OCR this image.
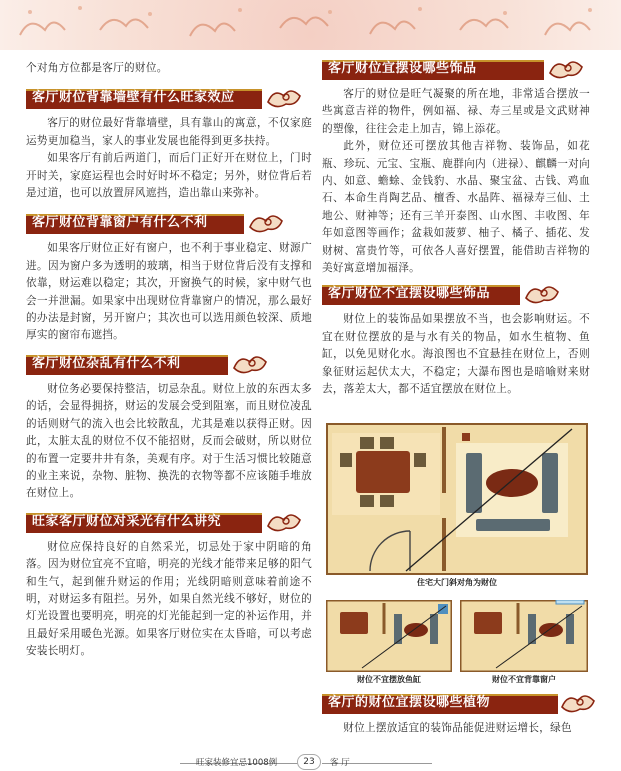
个对角方位都是客厅的财位。

客厅财位背靠墙壁有什么旺家效应

客厅的财位最好背靠墙壁，具有靠山的寓意，不仅家庭运势更加稳当，家人的事业发展也能得到更多扶持。

如果客厅有前后两道门，而后门正好开在财位上，门时开时关，家庭运程也会时好时坏不稳定；另外，财位背后若是过道，也可以放置屏风遮挡，造出靠山来弥补。

客厅财位背靠窗户有什么不利

如果客厅财位正好有窗户，也不利于事业稳定、财源广进。因为窗户多为透明的玻璃，相当于财位背后没有支撑和依靠，财运难以稳定；其次，开窗换气的时候，家中财气也会一并泄漏。如果家中出现财位背靠窗户的情况，那么最好的办法是封窗，另开窗户；其次也可以选用颜色较深、质地厚实的窗帘布遮挡。

客厅财位杂乱有什么不利

财位务必要保持整洁，切忌杂乱。财位上放的东西太多的话，会显得拥挤，财运的发展会受到阻塞，而且财位凌乱的话则财气的流入也会比较散乱，尤其是难以获得正财。因此，太脏太乱的财位不仅不能招财，反而会破财，所以财位的布置一定要井井有条，美观有序。对于生活习惯比较随意的业主来说，杂物、脏物、换洗的衣物等都不应该随手堆放在财位上。

旺家客厅财位对采光有什么讲究

财位应保持良好的自然采光，切忌处于家中阴暗的角落。因为财位宜亮不宜暗，明亮的光线才能带来足够的阳气和生气，起到催升财运的作用；光线阴暗则意味着前途不明，对财运多有阻拦。另外，如果自然光线不够好，财位的灯光设置也要明亮，明亮的灯光能起到一定的补运作用，并且最好采用暖色光源。如果客厅财位实在太昏暗，可以考虑安装长明灯。

客厅财位宜摆设哪些饰品

客厅的财位是旺气凝聚的所在地，非常适合摆放一些寓意吉祥的物件，例如福、禄、寿三星或是文武财神的塑像，往往会走上加吉，锦上添花。

此外，财位还可摆放其他吉祥物、装饰品，如花瓶、珍玩、元宝、宝瓶、鹿群向内（进禄）、麒麟一对向内、如意、蟾蜍、金钱豹、水晶、聚宝盆、古钱、鸡血石、本命生肖陶艺品、檀香、水晶阵、福禄寿三仙、土地公、财神等；还有三羊开泰图、山水图、丰收图、年年如意图等画作；盆栽如菠萝、柚子、橘子、插花、发财树、富贵竹等，可依各人喜好摆置，能借助吉祥物的美好寓意增加福泽。

客厅财位不宜摆设哪些饰品

财位上的装饰品如果摆放不当，也会影响财运。不宜在财位摆放的是与水有关的物品，如水生植物、鱼缸，以免见财化水。海浪图也不宜悬挂在财位上，否则象征财运起伏太大，不稳定；大瀑布图也是暗喻财来财去，落差太大，都不适宜摆放在财位上。

住宅大门斜对角为财位
财位不宜摆放鱼缸	财位不宜背靠窗户
客厅的财位宜摆设哪些植物

财位上摆放适宜的装饰品能促进财运增长，绿色

旺家装修宜忌1008例	23	客 厅
